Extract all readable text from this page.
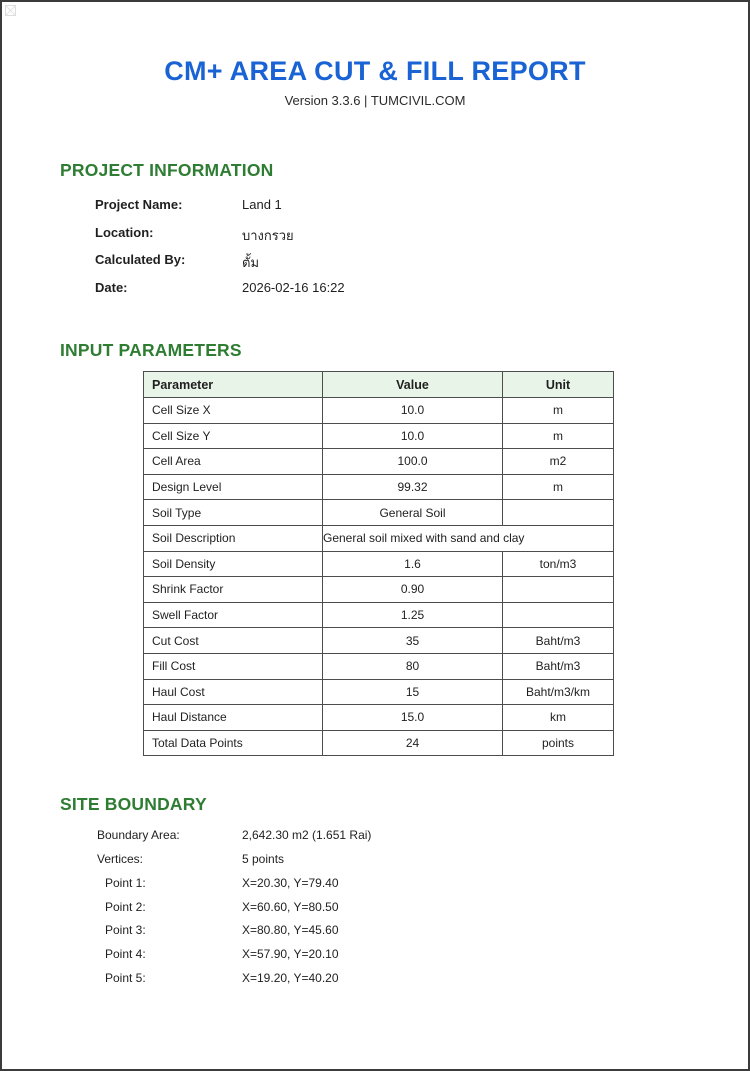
CM+ AREA CUT & FILL REPORT
Version 3.3.6 | TUMCIVIL.COM
PROJECT INFORMATION
Project Name:	Land 1
Location:	บางกรวย
Calculated By:	ตั้ม
Date:	2026-02-16 16:22
INPUT PARAMETERS
Parameter	Value	Unit
Cell Size X	10.0	m
Cell Size Y	10.0	m
Cell Area	100.0	m2
Design Level	99.32	m
Soil Type	General Soil	
Soil Description	General soil mixed with sand and clay	
Soil Density	1.6	ton/m3
Shrink Factor	0.90	
Swell Factor	1.25	
Cut Cost	35	Baht/m3
Fill Cost	80	Baht/m3
Haul Cost	15	Baht/m3/km
Haul Distance	15.0	km
Total Data Points	24	points
SITE BOUNDARY
Boundary Area:	2,642.30 m2 (1.651 Rai)
Vertices:	5 points
Point 1:	X=20.30, Y=79.40
Point 2:	X=60.60, Y=80.50
Point 3:	X=80.80, Y=45.60
Point 4:	X=57.90, Y=20.10
Point 5:	X=19.20, Y=40.20
